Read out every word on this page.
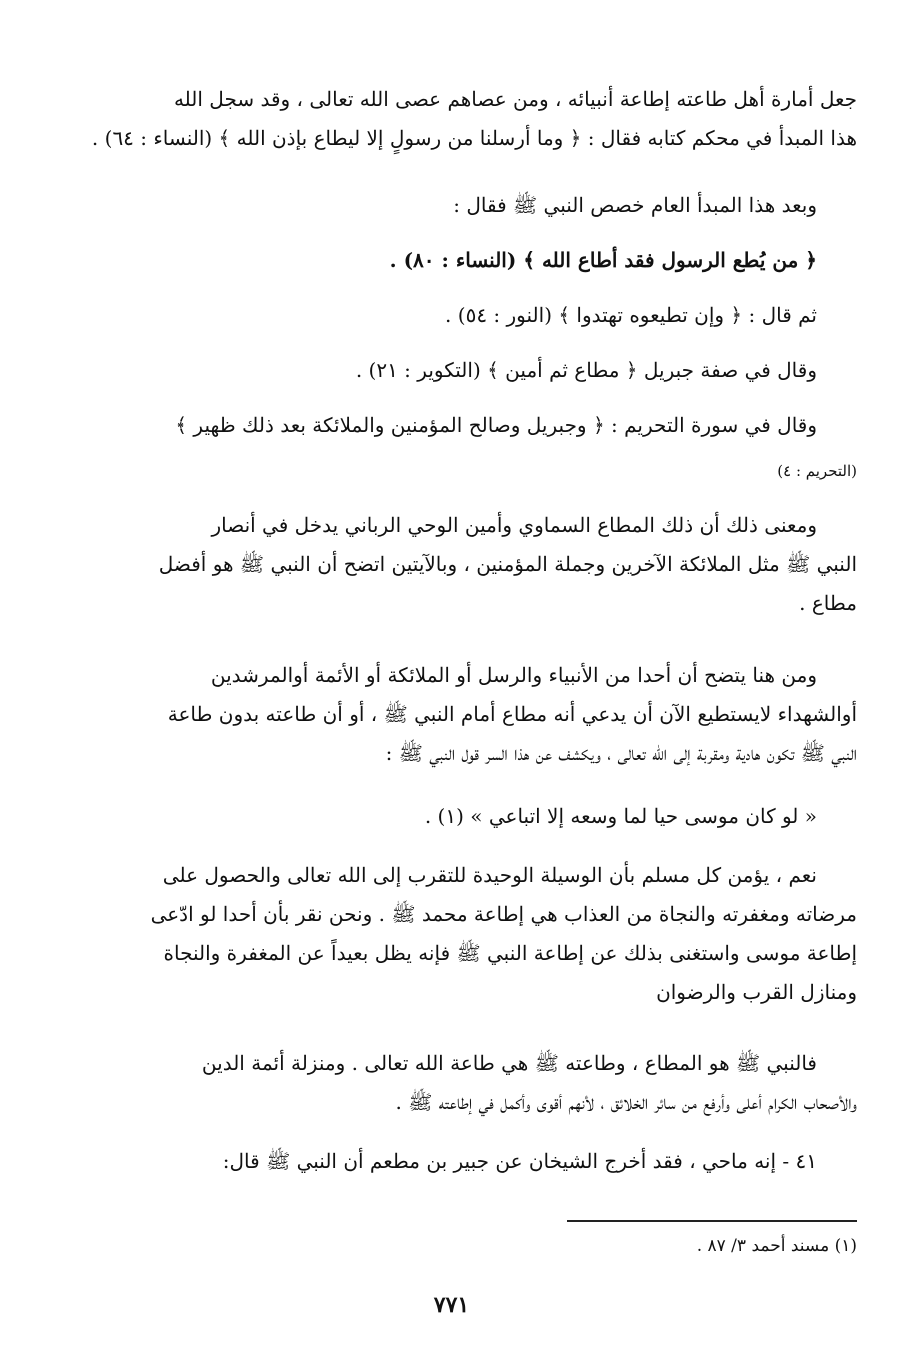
جعل أمارة أهل طاعته إطاعة أنبيائه ، ومن عصاهم عصى الله تعالى ، وقد سجل الله

هذا المبدأ في محكم كتابه فقال : ﴿ وما أرسلنا من رسولٍ إلا ليطاع بإذن الله ﴾ (النساء : ٦٤) .

وبعد هذا المبدأ العام خصص النبي ﷺ فقال :

﴿ من يُطع الرسول فقد أطاع الله ﴾ (النساء : ٨٠) .

ثم قال : ﴿ وإن تطيعوه تهتدوا ﴾ (النور : ٥٤) .

وقال في صفة جبريل ﴿ مطاع ثم أمين ﴾ (التكوير : ٢١) .

وقال في سورة التحريم : ﴿ وجبريل وصالح المؤمنين والملائكة بعد ذلك ظهير ﴾

(التحريم : ٤)

ومعنى ذلك أن ذلك المطاع السماوي وأمين الوحي الرباني يدخل في أنصار

النبي ﷺ مثل الملائكة الآخرين وجملة المؤمنين ، وبالآيتين اتضح أن النبي ﷺ هو أفضل

مطاع .

ومن هنا يتضح أن أحدا من الأنبياء والرسل أو الملائكة أو الأئمة أوالمرشدين

أوالشهداء لايستطيع الآن أن يدعي أنه مطاع أمام النبي ﷺ ، أو أن طاعته بدون طاعة

النبي ﷺ تكون هادية ومقربة إلى الله تعالى ، ويكشف عن هذا السر قول النبي ﷺ :

« لو كان موسى حيا لما وسعه إلا اتباعي » (١) .

نعم ، يؤمن كل مسلم بأن الوسيلة الوحيدة للتقرب إلى الله تعالى والحصول على

مرضاته ومغفرته والنجاة من العذاب هي إطاعة محمد ﷺ . ونحن نقر بأن أحدا لو ادّعى

إطاعة موسى واستغنى بذلك عن إطاعة النبي ﷺ فإنه يظل بعيداً عن المغفرة والنجاة

ومنازل القرب والرضوان

فالنبي ﷺ هو المطاع ، وطاعته ﷺ هي طاعة الله تعالى . ومنزلة أئمة الدين

والأصحاب الكرام أعلى وأرفع من سائر الخلائق ، لأنهم أقوى وأكمل في إطاعته ﷺ .

٤١ - إنه ماحي ، فقد أخرج الشيخان عن جبير بن مطعم أن النبي ﷺ قال:

(١) مسند أحمد ٣/ ٨٧ .
٧٧١
